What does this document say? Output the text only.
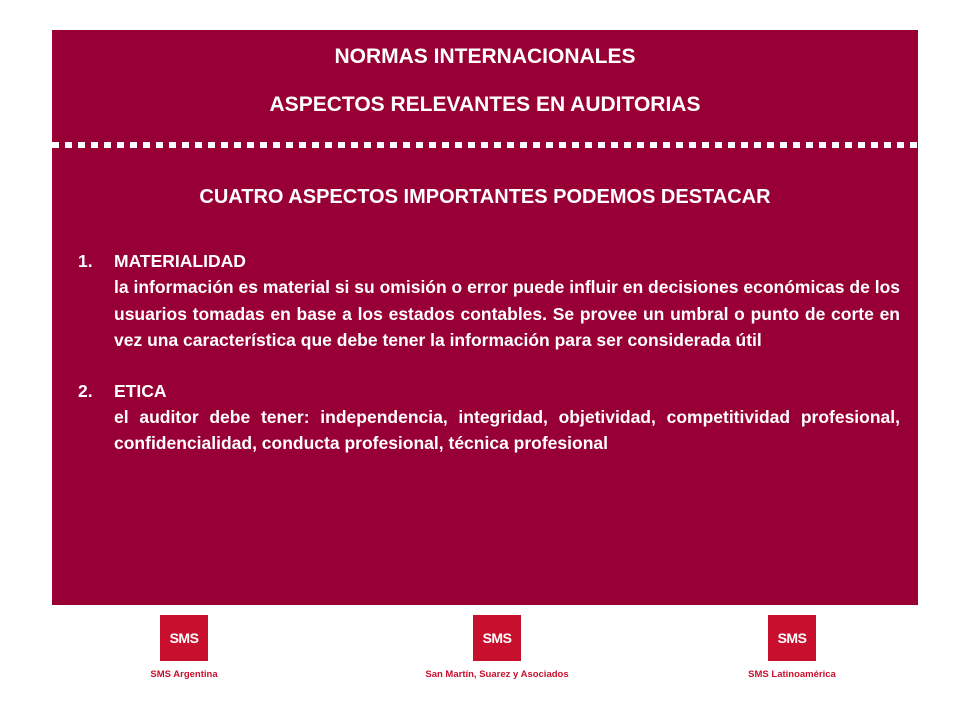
NORMAS INTERNACIONALES
ASPECTOS RELEVANTES EN AUDITORIAS
CUATRO ASPECTOS IMPORTANTES PODEMOS DESTACAR
1.	MATERIALIDAD
la información es material si su omisión o error puede influir en decisiones económicas de los usuarios tomadas en base a los estados contables. Se provee un umbral o punto de corte en vez una característica que debe tener la información para ser considerada útil
2.	ETICA
el auditor debe tener: independencia, integridad, objetividad, competitividad profesional, confidencialidad, conducta profesional, técnica profesional
SMS
SMS Argentina
SMS
San Martín, Suarez y Asociados
SMS
SMS Latinoamérica
